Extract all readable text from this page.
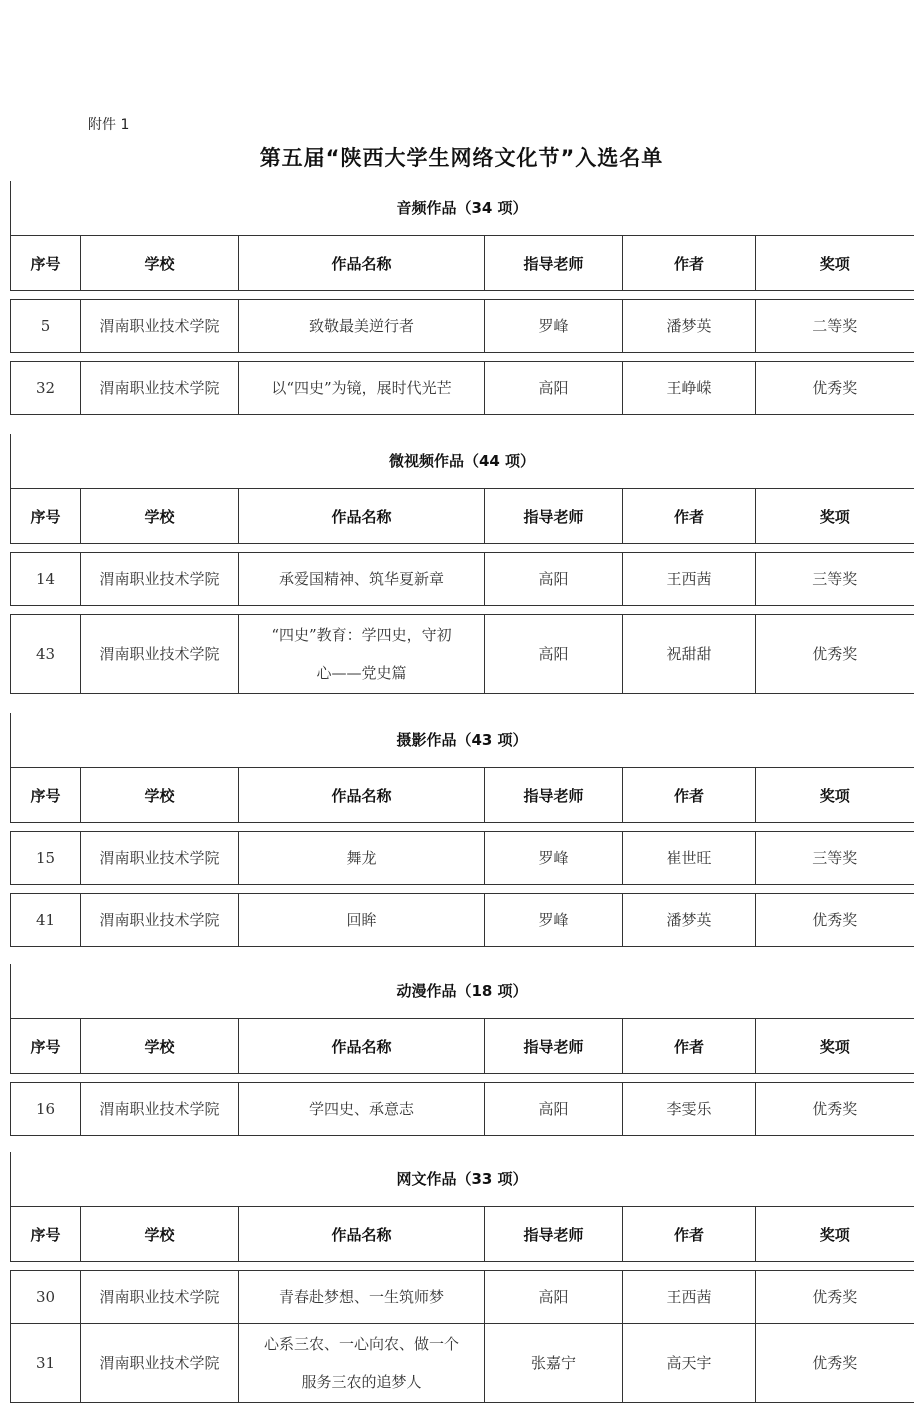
附件 1
第五届“陕西大学生网络文化节”入选名单
音频作品（34 项）
序号	学校	作品名称	指导老师	作者	奖项

5	渭南职业技术学院	致敬最美逆行者	罗峰	潘梦英	二等奖

32	渭南职业技术学院	以“四史”为镜，展时代光芒	高阳	王峥嵘	优秀奖
微视频作品（44 项）
序号	学校	作品名称	指导老师	作者	奖项

14	渭南职业技术学院	承爱国精神、筑华夏新章	高阳	王西茜	三等奖

43	渭南职业技术学院	“四史”教育：学四史，守初
心——党史篇	高阳	祝甜甜	优秀奖
摄影作品（43 项）
序号	学校	作品名称	指导老师	作者	奖项

15	渭南职业技术学院	舞龙	罗峰	崔世旺	三等奖

41	渭南职业技术学院	回眸	罗峰	潘梦英	优秀奖
动漫作品（18 项）
序号	学校	作品名称	指导老师	作者	奖项

16	渭南职业技术学院	学四史、承意志	高阳	李雯乐	优秀奖
网文作品（33 项）
序号	学校	作品名称	指导老师	作者	奖项

30	渭南职业技术学院	青春赴梦想、一生筑师梦	高阳	王西茜	优秀奖
31	渭南职业技术学院	心系三农、一心向农、做一个
服务三农的追梦人	张嘉宁	高天宇	优秀奖
